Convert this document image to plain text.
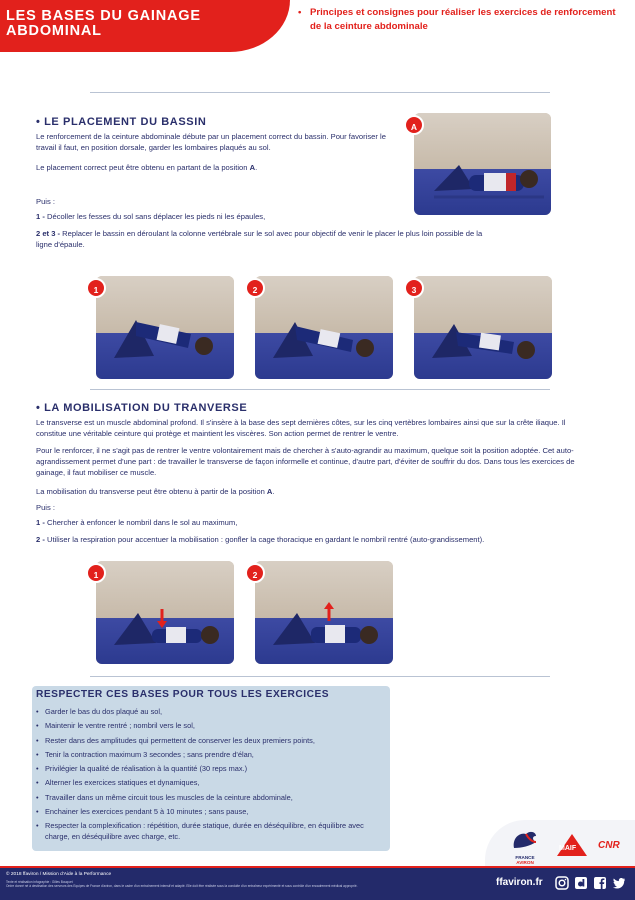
LES BASES DU GAINAGE ABDOMINAL
• Principes et consignes pour réaliser les exercices de renforcement de la ceinture abdominale
• LE PLACEMENT DU BASSIN
Le renforcement de la ceinture abdominale débute par un placement correct du bassin. Pour favoriser le travail il faut, en position dorsale, garder les lombaires plaqués au sol.
Le placement correct peut être obtenu en partant de la position A.
Puis :
1 - Décoller les fesses du sol sans déplacer les pieds ni les épaules,
2 et 3 - Replacer le bassin en déroulant la colonne vertébrale sur le sol avec pour objectif de venir le placer le plus loin possible de la ligne d'épaule.
A
1	2	3
• LA MOBILISATION DU TRANVERSE
Le transverse est un muscle abdominal profond. Il s'insère à la base des sept dernières côtes, sur les cinq vertèbres lombaires ainsi que sur la crête iliaque. Il constitue une véritable ceinture qui protège et maintient les viscères. Son action permet de rentrer le ventre.
Pour le renforcer, il ne s'agit pas de rentrer le ventre volontairement mais de chercher à s'auto-agrandir au maximum, quelque soit la position adoptée. Cet auto-agrandissement permet d'une part : de travailler le transverse de façon informelle et continue, d'autre part, d'éviter de souffrir du dos. Dans tous les exercices de gainage, il faut mobiliser ce muscle.
La mobilisation du transverse peut être obtenu à partir de la position A.
Puis :
1 - Chercher à enfoncer le nombril dans le sol au maximum,
2 - Utiliser la respiration pour accentuer la mobilisation : gonfler la cage thoracique en gardant le nombril rentré (auto-grandissement).
1	2
RESPECTER CES BASES POUR TOUS LES EXERCICES
• Garder le bas du dos plaqué au sol,
• Maintenir le ventre rentré ; nombril vers le sol,
• Rester dans des amplitudes qui permettent de conserver les deux premiers points,
• Tenir la contraction maximum 3 secondes ; sans prendre d'élan,
• Privilégier la qualité de réalisation à la quantité (30 reps max.)
• Alterner les exercices statiques et dynamiques,
• Travailler dans un même circuit tous les muscles de la ceinture abdominale,
• Enchainer les exercices pendant 5 à 10 minutes ; sans pause,
• Respecter la complexification : répétition, durée statique, durée en déséquilibre, en équilibre avec charge, en déséquilibre avec charge, etc.
FRANCE
AVIRON
MAIF CNR
© 2018 ffaviron / Mission d'Aide à la Performance
Texte et réalisation infographie : Gilles Bouquet
Ordre donné né à destination des serveurs des Equipes de France d'aviron, dans le cadre d'un entraînement intensif et adapté. Elle doit être réalisée sous la conduite d'un entraîneur expérimenté et sous contrôle d'un encadrement médical approprié.	ffaviron.fr
